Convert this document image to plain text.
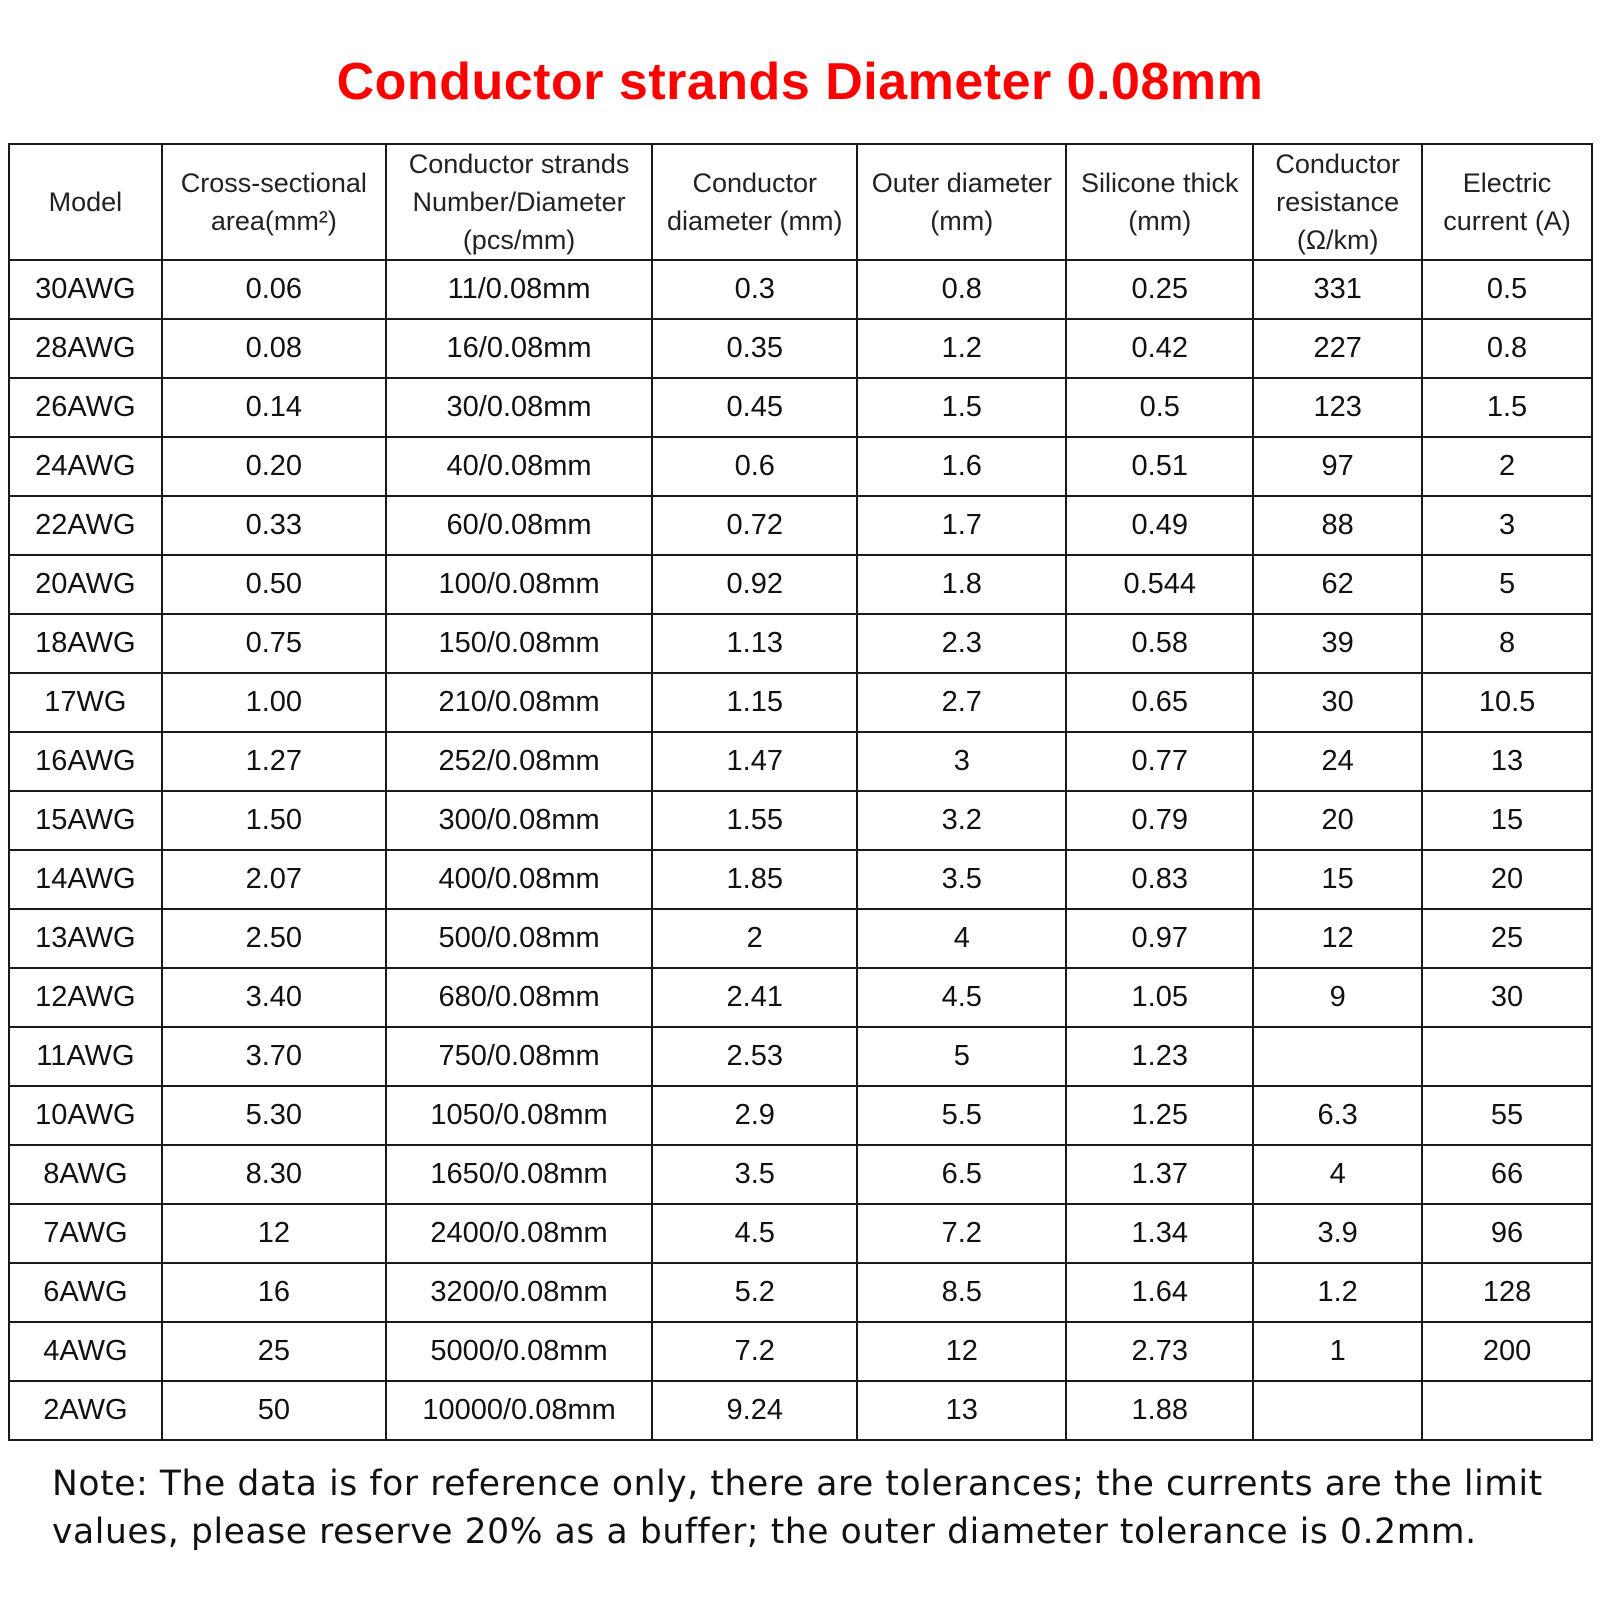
Conductor strands Diameter 0.08mm
Model	Cross-sectional area(mm²)	Conductor strands Number/Diameter (pcs/mm)	Conductor diameter (mm)	Outer diameter (mm)	Silicone thick (mm)	Conductor resistance (Ω/km)	Electric current (A)
30AWG	0.06	11/0.08mm	0.3	0.8	0.25	331	0.5
28AWG	0.08	16/0.08mm	0.35	1.2	0.42	227	0.8
26AWG	0.14	30/0.08mm	0.45	1.5	0.5	123	1.5
24AWG	0.20	40/0.08mm	0.6	1.6	0.51	97	2
22AWG	0.33	60/0.08mm	0.72	1.7	0.49	88	3
20AWG	0.50	100/0.08mm	0.92	1.8	0.544	62	5
18AWG	0.75	150/0.08mm	1.13	2.3	0.58	39	8
17WG	1.00	210/0.08mm	1.15	2.7	0.65	30	10.5
16AWG	1.27	252/0.08mm	1.47	3	0.77	24	13
15AWG	1.50	300/0.08mm	1.55	3.2	0.79	20	15
14AWG	2.07	400/0.08mm	1.85	3.5	0.83	15	20
13AWG	2.50	500/0.08mm	2	4	0.97	12	25
12AWG	3.40	680/0.08mm	2.41	4.5	1.05	9	30
11AWG	3.70	750/0.08mm	2.53	5	1.23		
10AWG	5.30	1050/0.08mm	2.9	5.5	1.25	6.3	55
8AWG	8.30	1650/0.08mm	3.5	6.5	1.37	4	66
7AWG	12	2400/0.08mm	4.5	7.2	1.34	3.9	96
6AWG	16	3200/0.08mm	5.2	8.5	1.64	1.2	128
4AWG	25	5000/0.08mm	7.2	12	2.73	1	200
2AWG	50	10000/0.08mm	9.24	13	1.88		
Note: The data is for reference only, there are tolerances; the currents are the limit values, please reserve 20% as a buffer; the outer diameter tolerance is 0.2mm.
